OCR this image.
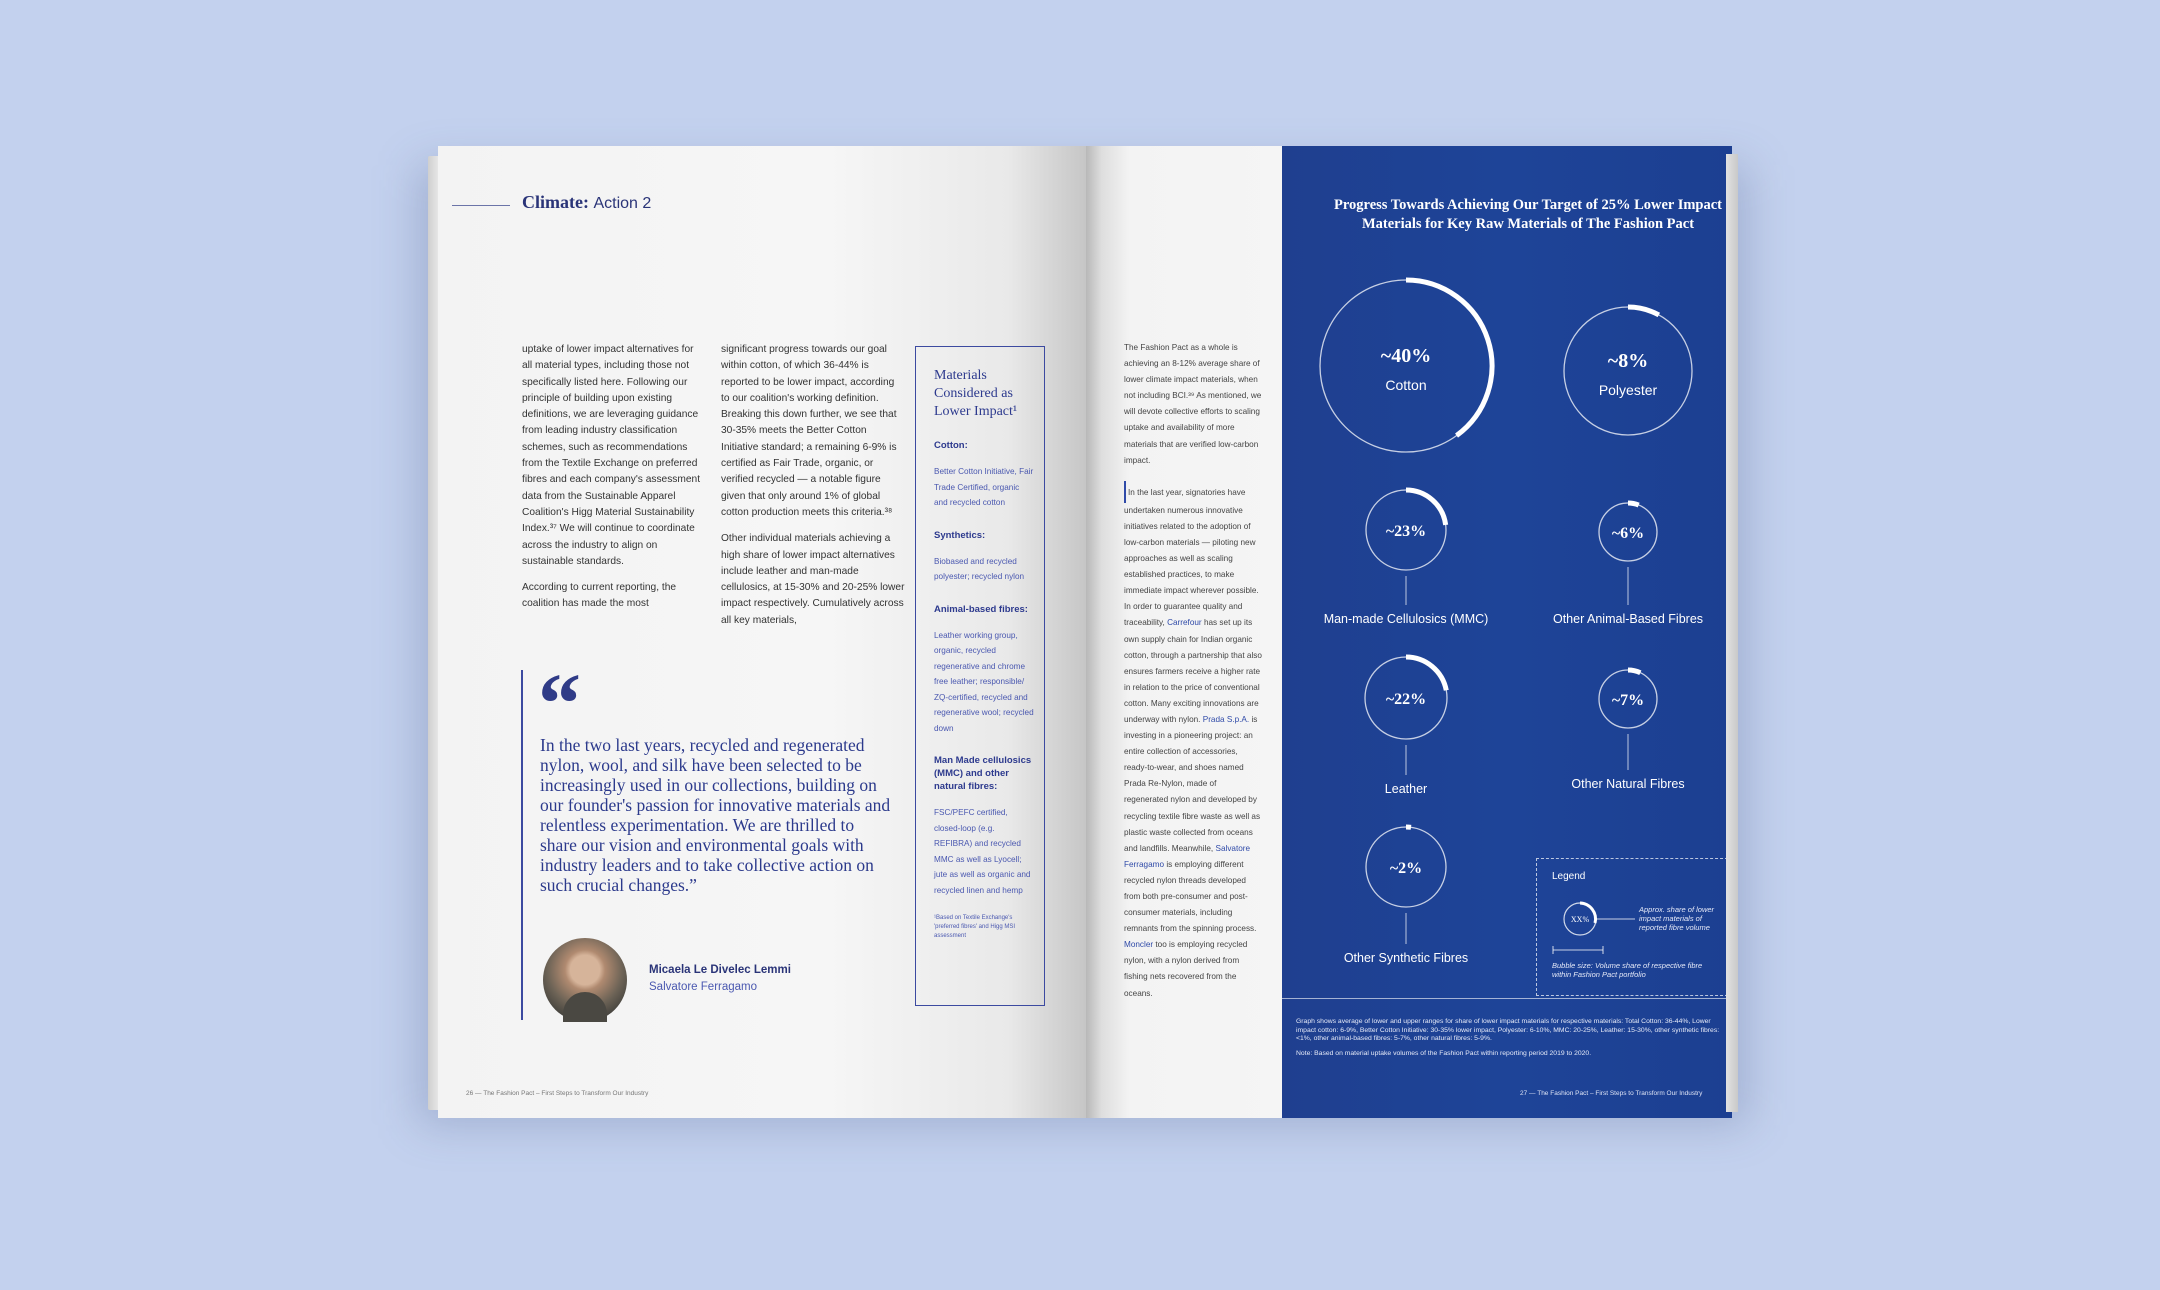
Climate: Action 2

uptake of lower impact alternatives for all material types, including those not specifically listed here. Following our principle of building upon existing definitions, we are leveraging guidance from leading industry classification schemes, such as recommendations from the Textile Exchange on preferred fibres and each company's assessment data from the Sustainable Apparel Coalition's Higg Material Sustainability Index.³⁷ We will continue to coordinate across the industry to align on sustainable standards.

According to current reporting, the coalition has made the most

significant progress towards our goal within cotton, of which 36-44% is reported to be lower impact, according to our coalition's working definition. Breaking this down further, we see that 30-35% meets the Better Cotton Initiative standard; a remaining 6-9% is certified as Fair Trade, organic, or verified recycled — a notable figure given that only around 1% of global cotton production meets this criteria.³⁸

Other individual materials achieving a high share of lower impact alternatives include leather and man-made cellulosics, at 15-30% and 20-25% lower impact respectively. Cumulatively across all key materials,

Materials Considered as Lower Impact¹
Cotton:
Better Cotton Initiative, Fair Trade Certified, organic and recycled cotton
Synthetics:
Biobased and recycled polyester; recycled nylon
Animal-based fibres:
Leather working group, organic, recycled regenerative and chrome free leather; responsible/ ZQ-certified, recycled and regenerative wool; recycled down
Man Made cellulosics (MMC) and other natural fibres:
FSC/PEFC certified, closed-loop (e.g. REFIBRA) and recycled MMC as well as Lyocell; jute as well as organic and recycled linen and hemp
¹Based on Textile Exchange's 'preferred fibres' and Higg MSI assessment
“
In the two last years, recycled and regenerated nylon, wool, and silk have been selected to be increasingly used in our collections, building on our founder's passion for innovative materials and relentless experimentation. We are thrilled to share our vision and environmental goals with industry leaders and to take collective action on such crucial changes.”
Micaela Le Divelec Lemmi
Salvatore Ferragamo
26 — The Fashion Pact – First Steps to Transform Our Industry

The Fashion Pact as a whole is achieving an 8-12% average share of lower climate impact materials, when not including BCI.³⁹ As mentioned, we will devote collective efforts to scaling uptake and availability of more materials that are verified low-carbon impact.

In the last year, signatories have undertaken numerous innovative initiatives related to the adoption of low-carbon materials — piloting new approaches as well as scaling established practices, to make immediate impact wherever possible. In order to guarantee quality and traceability, Carrefour has set up its own supply chain for Indian organic cotton, through a partnership that also ensures farmers receive a higher rate in relation to the price of conventional cotton. Many exciting innovations are underway with nylon. Prada S.p.A. is investing in a pioneering project: an entire collection of accessories, ready-to-wear, and shoes named Prada Re-Nylon, made of regenerated nylon and developed by recycling textile fibre waste as well as plastic waste collected from oceans and landfills. Meanwhile, Salvatore Ferragamo is employing different recycled nylon threads developed from both pre-consumer and post-consumer materials, including remnants from the spinning process. Moncler too is employing recycled nylon, with a nylon derived from fishing nets recovered from the oceans.

Progress Towards Achieving Our Target of 25% Lower Impact Materials for Key Raw Materials of The Fashion Pact
~40%
Cotton
~8%
Polyester
~23%
Man-made Cellulosics (MMC)
~6%
Other Animal-Based Fibres
~22%
Leather
~7%
Other Natural Fibres
~2%
Other Synthetic Fibres
Legend
XX%
Approx. share of lower impact materials of reported fibre volume
Bubble size: Volume share of respective fibre within Fashion Pact portfolio
Graph shows average of lower and upper ranges for share of lower impact materials for respective materials: Total Cotton: 36-44%, Lower impact cotton: 6-9%, Better Cotton Initiative: 30-35% lower impact, Polyester: 6-10%, MMC: 20-25%, Leather: 15-30%, other synthetic fibres: <1%, other animal-based fibres: 5-7%, other natural fibres: 5-9%.
Note: Based on material uptake volumes of the Fashion Pact within reporting period 2019 to 2020.
27 — The Fashion Pact – First Steps to Transform Our Industry
